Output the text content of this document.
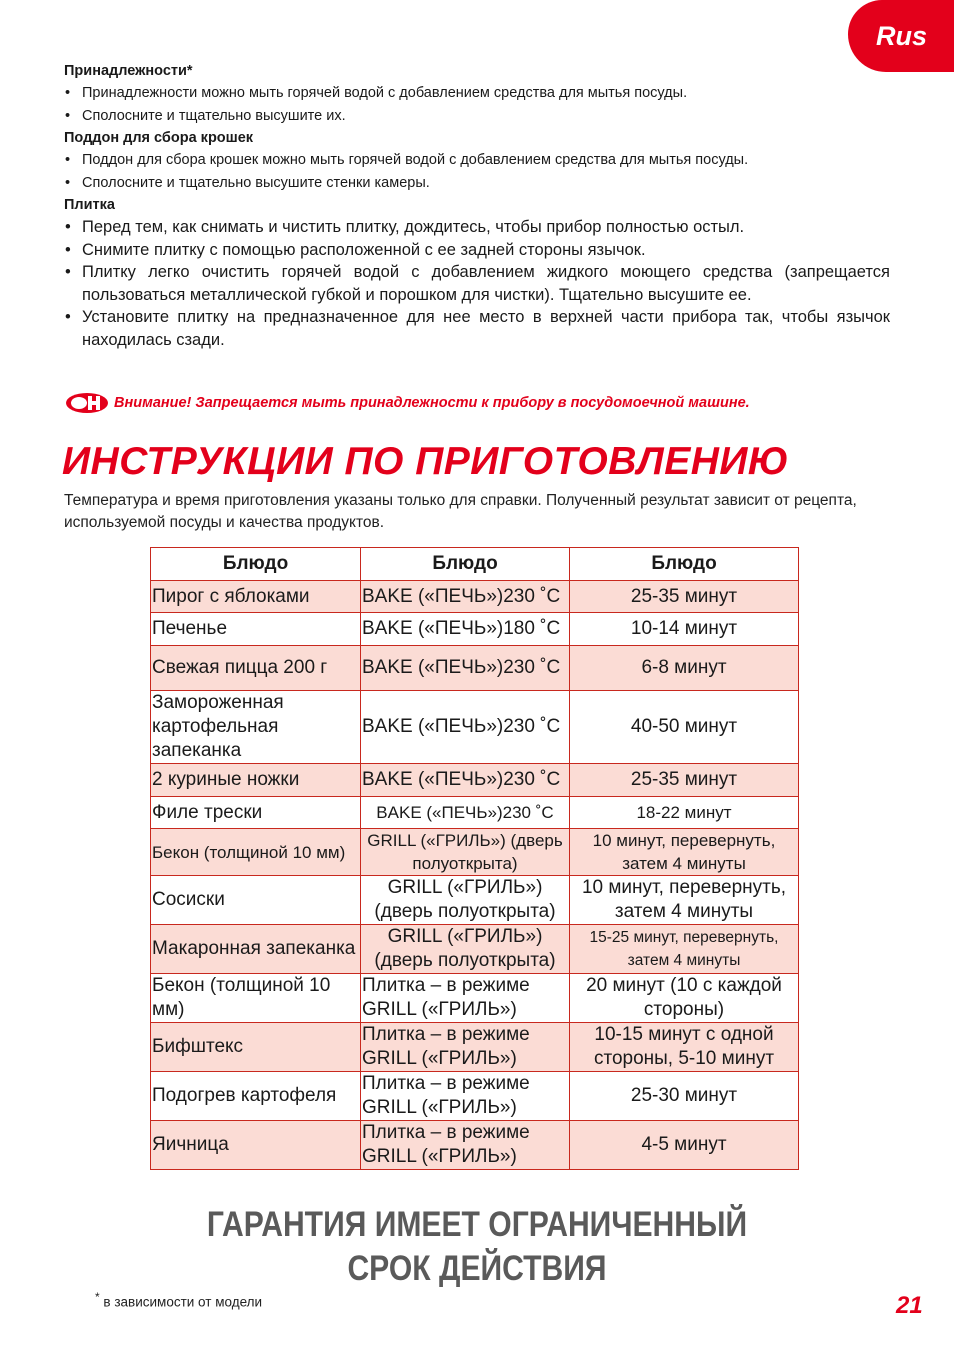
Rus
Принадлежности*
• Принадлежности можно мыть горячей водой с добавлением средства для мытья посуды.
• Сполосните и тщательно высушите их.
Поддон для сбора крошек
• Поддон для сбора крошек можно мыть горячей водой с добавлением средства для мытья посуды.
• Сполосните и тщательно высушите стенки камеры.
Плитка
• Перед тем, как снимать и чистить плитку, дождитесь, чтобы прибор полностью остыл.
• Снимите плитку с помощью расположенной с ее задней стороны язычок.
• Плитку легко очистить горячей водой с добавлением жидкого моющего средства (запрещается пользоваться металлической губкой и порошком для чистки). Тщательно высушите ее.
• Установите плитку на предназначенное для нее место в верхней части прибора так, чтобы язычок находилась сзади.
Внимание! Запрещается мыть принадлежности к прибору в посудомоечной машине.
ИНСТРУКЦИИ ПО ПРИГОТОВЛЕНИЮ
Температура и время приготовления указаны только для справки. Полученный результат зависит от рецепта, используемой посуды и качества продуктов.
Блюдо	Блюдо	Блюдо
Пирог с яблоками	BAKE («ПЕЧЬ»)230 ˚C	25-35 минут
Печенье	BAKE («ПЕЧЬ»)180 ˚C	10-14 минут
Свежая пицца 200 г	BAKE («ПЕЧЬ»)230 ˚C	6-8 минут
Замороженная картофельная запеканка	BAKE («ПЕЧЬ»)230 ˚C	40-50 минут
2 куриные ножки	BAKE («ПЕЧЬ»)230 ˚C	25-35 минут
Филе трески	BAKE («ПЕЧЬ»)230 ˚C	18-22 минут
Бекон (толщиной 10 мм)	GRILL («ГРИЛЬ») (дверь полуоткрыта)	10 минут, перевернуть, затем 4 минуты
Сосиски	GRILL («ГРИЛЬ») (дверь полуоткрыта)	10 минут, перевернуть, затем 4 минуты
Макаронная запеканка	GRILL («ГРИЛЬ») (дверь полуоткрыта)	15-25 минут, перевернуть, затем 4 минуты
Бекон (толщиной 10 мм)	Плитка – в режиме GRILL («ГРИЛЬ»)	20 минут (10 с каждой стороны)
Бифштекс	Плитка – в режиме GRILL («ГРИЛЬ»)	10-15 минут с одной стороны, 5-10 минут
Подогрев картофеля	Плитка – в режиме GRILL («ГРИЛЬ»)	25-30 минут
Яичница	Плитка – в режиме GRILL («ГРИЛЬ»)	4-5 минут
ГАРАНТИЯ ИМЕЕТ ОГРАНИЧЕННЫЙ
СРОК ДЕЙСТВИЯ
* в зависимости от модели	21
